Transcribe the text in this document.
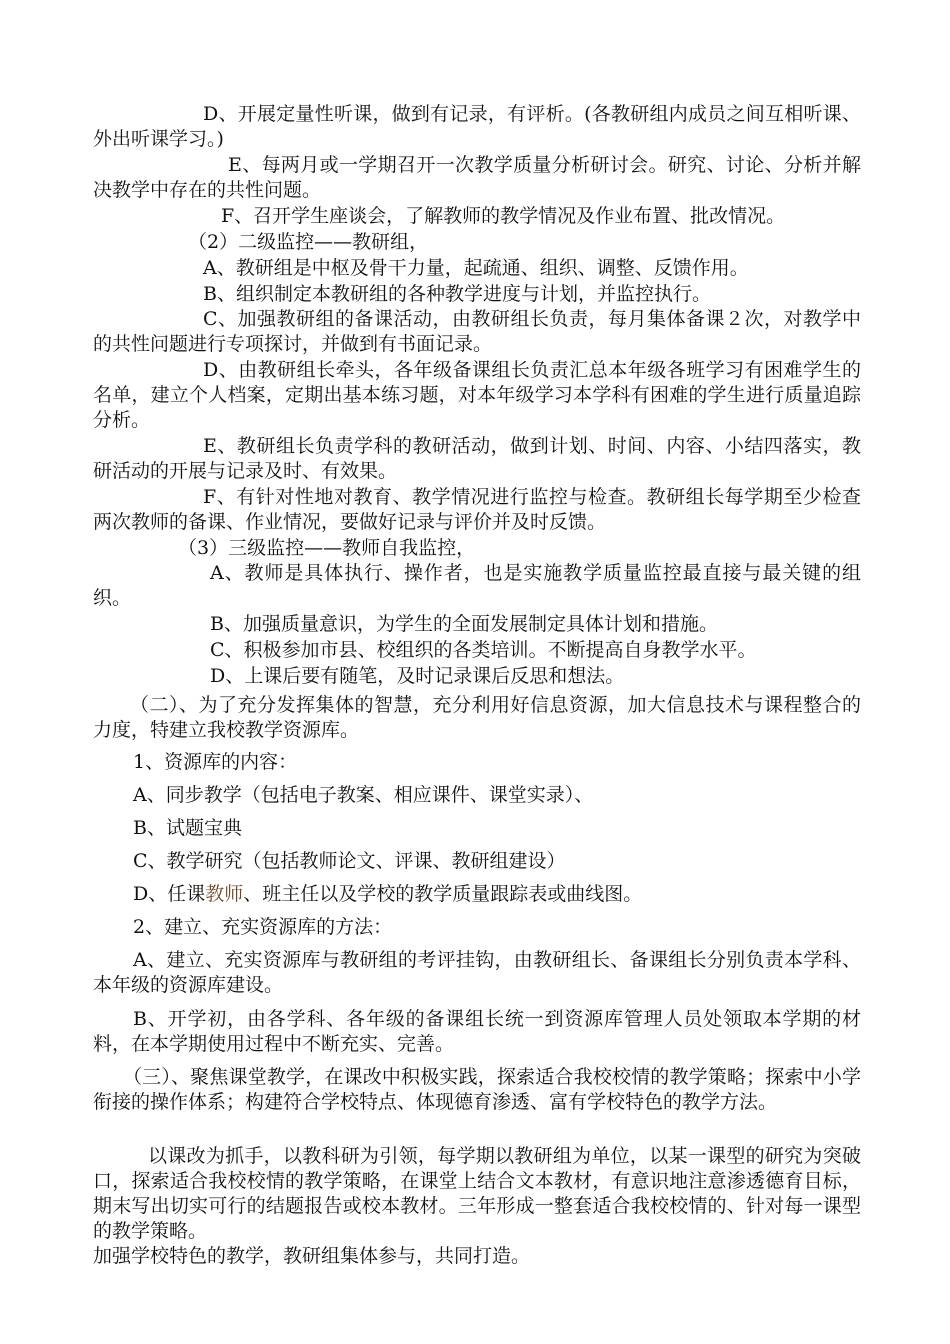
D、开展定量性听课，做到有记录，有评析。(各教研组内成员之间互相听课、外出听课学习。)

E、每两月或一学期召开一次教学质量分析研讨会。研究、讨论、分析并解决教学中存在的共性问题。

F、召开学生座谈会，了解教师的教学情况及作业布置、批改情况。

（2）二级监控——教研组，

A、教研组是中枢及骨干力量，起疏通、组织、调整、反馈作用。

B、组织制定本教研组的各种教学进度与计划，并监控执行。

C、加强教研组的备课活动，由教研组长负责，每月集体备课２次，对教学中的共性问题进行专项探讨，并做到有书面记录。

D、由教研组长牵头，各年级备课组长负责汇总本年级各班学习有困难学生的名单，建立个人档案，定期出基本练习题，对本年级学习本学科有困难的学生进行质量追踪分析。

E、教研组长负责学科的教研活动，做到计划、时间、内容、小结四落实，教研活动的开展与记录及时、有效果。

F、有针对性地对教育、教学情况进行监控与检查。教研组长每学期至少检查两次教师的备课、作业情况，要做好记录与评价并及时反馈。

（3）三级监控——教师自我监控，

A、教师是具体执行、操作者，也是实施教学质量监控最直接与最关键的组织。

B、加强质量意识，为学生的全面发展制定具体计划和措施。

C、积极参加市县、校组织的各类培训。不断提高自身教学水平。

D、上课后要有随笔，及时记录课后反思和想法。

（二）、为了充分发挥集体的智慧，充分利用好信息资源，加大信息技术与课程整合的力度，特建立我校教学资源库。

1、资源库的内容：

A、同步教学（包括电子教案、相应课件、课堂实录）、

B、试题宝典

C、教学研究（包括教师论文、评课、教研组建设）

D、任课教师、班主任以及学校的教学质量跟踪表或曲线图。

2、建立、充实资源库的方法：

A、建立、充实资源库与教研组的考评挂钩，由教研组长、备课组长分别负责本学科、本年级的资源库建设。

B、开学初，由各学科、各年级的备课组长统一到资源库管理人员处领取本学期的材料，在本学期使用过程中不断充实、完善。

（三）、聚焦课堂教学，在课改中积极实践，探索适合我校校情的教学策略；探索中小学衔接的操作体系；构建符合学校特点、体现德育渗透、富有学校特色的教学方法。

以课改为抓手，以教科研为引领，每学期以教研组为单位，以某一课型的研究为突破口，探索适合我校校情的教学策略，在课堂上结合文本教材，有意识地注意渗透德育目标，期末写出切实可行的结题报告或校本教材。三年形成一整套适合我校校情的、针对每一课型的教学策略。

加强学校特色的教学，教研组集体参与，共同打造。
